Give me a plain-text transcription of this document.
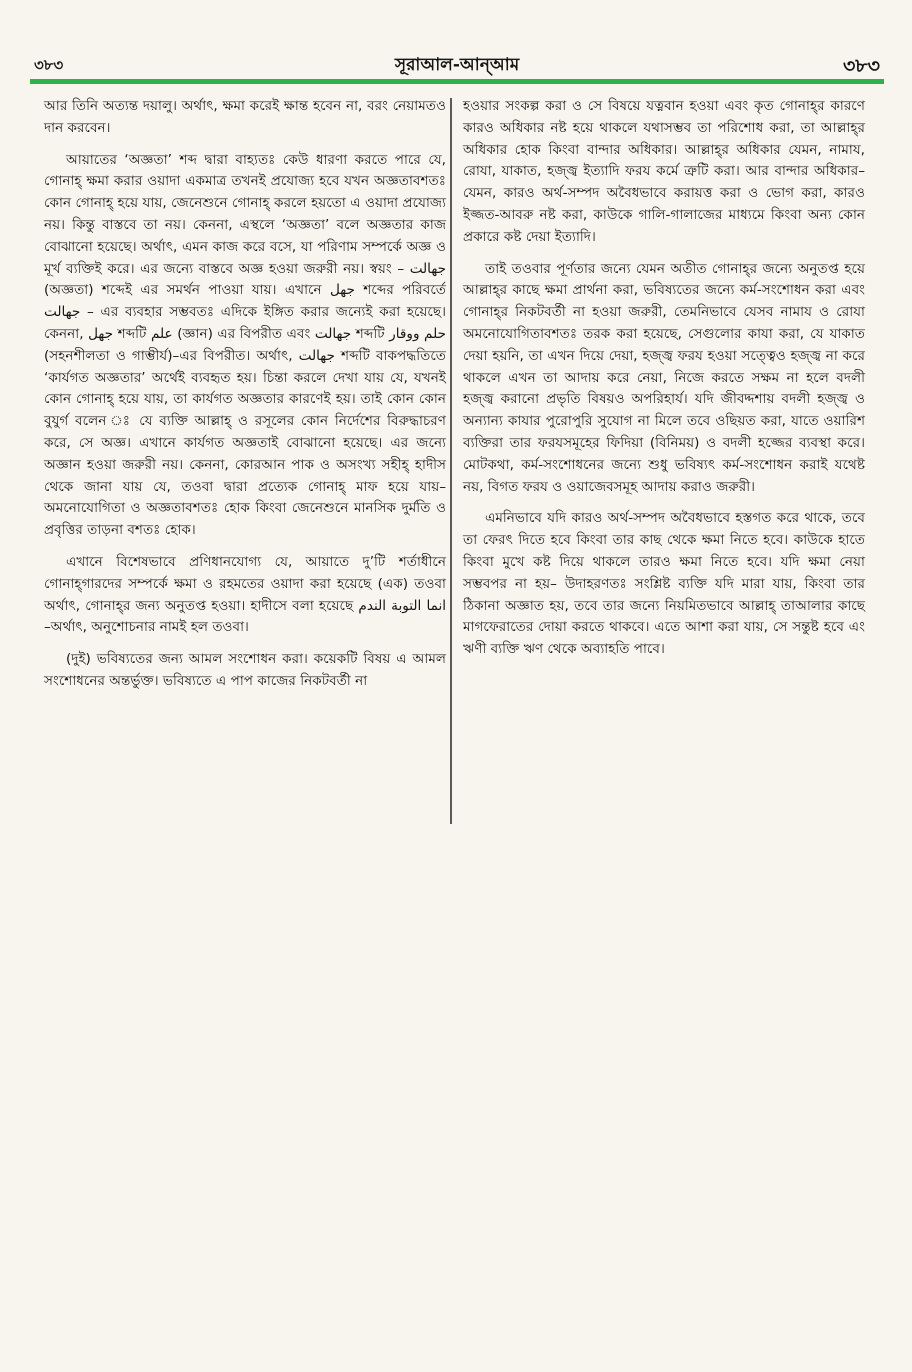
৩৮৩	সূরাআল-আন্‌আম	৩৮৩

আর তিনি অত্যন্ত দয়ালু। অর্থাৎ, ক্ষমা করেই ক্ষান্ত হবেন না, বরং নেয়ামতও দান করবেন।

আয়াতের ‘অজ্ঞতা’ শব্দ দ্বারা বাহ্যতঃ কেউ ধারণা করতে পারে যে, গোনাহ্‌ ক্ষমা করার ওয়াদা একমাত্র তখনই প্রযোজ্য হবে যখন অজ্ঞতাবশতঃ কোন গোনাহ্‌ হয়ে যায়, জেনেশুনে গোনাহ্‌ করলে হয়তো এ ওয়াদা প্রযোজ্য নয়। কিন্তু বাস্তবে তা নয়। কেননা, এস্থলে ‘অজ্ঞতা’ বলে অজ্ঞতার কাজ বোঝানো হয়েছে। অর্থাৎ, এমন কাজ করে বসে, যা পরিণাম সম্পর্কে অজ্ঞ ও মূর্খ ব্যক্তিই করে। এর জন্যে বাস্তবে অজ্ঞ হওয়া জরুরী নয়। স্বয়ং – جهالت (অজ্ঞতা) শব্দেই এর সমর্থন পাওয়া যায়। এখানে جهل শব্দের পরিবর্তে جهالت – এর ব্যবহার সম্ভবতঃ এদিকে ইঙ্গিত করার জন্যেই করা হয়েছে। কেননা, جهل শব্দটি علم (জ্ঞান) এর বিপরীত এবং جهالت শব্দটি حلم ووقار (সহনশীলতা ও গাম্ভীর্য)–এর বিপরীত। অর্থাৎ, جهالت শব্দটি বাকপদ্ধতিতে ‘কার্যগত অজ্ঞতার’ অর্থেই ব্যবহৃত হয়। চিন্তা করলে দেখা যায় যে, যখনই কোন গোনাহ্‌ হয়ে যায়, তা কার্যগত অজ্ঞতার কারণেই হয়। তাই কোন কোন বুযুর্গ বলেন ঃ যে ব্যক্তি আল্লাহ্‌ ও রসূলের কোন নির্দেশের বিরুদ্ধাচরণ করে, সে অজ্ঞ। এখানে কার্যগত অজ্ঞতাই বোঝানো হয়েছে। এর জন্যে অজ্ঞান হওয়া জরুরী নয়। কেননা, কোরআন পাক ও অসংখ্য সহীহ্‌ হাদীস থেকে জানা যায় যে, তওবা দ্বারা প্রত্যেক গোনাহ্‌ মাফ হয়ে যায়– অমনোযোগিতা ও অজ্ঞতাবশতঃ হোক কিংবা জেনেশুনে মানসিক দুর্মতি ও প্রবৃত্তির তাড়না বশতঃ হোক।

এখানে বিশেষভাবে প্রণিধানযোগ্য যে, আয়াতে দু’টি শর্তাধীনে গোনাহ্‌গারদের সম্পর্কে ক্ষমা ও রহমতের ওয়াদা করা হয়েছে (এক) তওবা অর্থাৎ, গোনাহ্‌র জন্য অনুতপ্ত হওয়া। হাদীসে বলা হয়েছে انما التوبة الندم –অর্থাৎ, অনুশোচনার নামই হল তওবা।

(দুই) ভবিষ্যতের জন্য আমল সংশোধন করা। কয়েকটি বিষয় এ আমল সংশোধনের অন্তর্ভুক্ত। ভবিষ্যতে এ পাপ কাজের নিকটবর্তী না

হওয়ার সংকল্প করা ও সে বিষয়ে যত্নবান হওয়া এবং কৃত গোনাহ্‌র কারণে কারও অধিকার নষ্ট হয়ে থাকলে যথাসম্ভব তা পরিশোধ করা, তা আল্লাহ্‌র অধিকার হোক কিংবা বান্দার অধিকার। আল্লাহ্‌র অধিকার যেমন, নামায, রোযা, যাকাত, হজ্জ্ব ইত্যাদি ফরয কর্মে ত্রুটি করা। আর বান্দার অধিকার– যেমন, কারও অর্থ-সম্পদ অবৈধভাবে করায়ত্ত করা ও ভোগ করা, কারও ইজ্জত-আবরু নষ্ট করা, কাউকে গালি-গালাজের মাধ্যমে কিংবা অন্য কোন প্রকারে কষ্ট দেয়া ইত্যাদি।

তাই তওবার পূর্ণতার জন্যে যেমন অতীত গোনাহ্‌র জন্যে অনুতপ্ত হয়ে আল্লাহ্‌র কাছে ক্ষমা প্রার্থনা করা, ভবিষ্যতের জন্যে কর্ম-সংশোধন করা এবং গোনাহ্‌র নিকটবর্তী না হওয়া জরুরী, তেমনিভাবে যেসব নামায ও রোযা অমনোযোগিতাবশতঃ তরক করা হয়েছে, সেগুলোর কাযা করা, যে যাকাত দেয়া হয়নি, তা এখন দিয়ে দেয়া, হজ্জ্ব ফরয হওয়া সত্ত্বেও হজ্জ্ব না করে থাকলে এখন তা আদায় করে নেয়া, নিজে করতে সক্ষম না হলে বদলী হজ্জ্ব করানো প্রভৃতি বিষয়ও অপরিহার্য। যদি জীবদ্দশায় বদলী হজ্জ্ব ও অন্যান্য কাযার পুরোপুরি সুযোগ না মিলে তবে ওছিয়ত করা, যাতে ওয়ারিশ ব্যক্তিরা তার ফরযসমূহের ফিদিয়া (বিনিময়) ও বদলী হজ্জের ব্যবস্থা করে। মোটকথা, কর্ম-সংশোধনের জন্যে শুধু ভবিষ্যৎ কর্ম-সংশোধন করাই যথেষ্ট নয়, বিগত ফরয ও ওয়াজেবসমূহ আদায় করাও জরুরী।

এমনিভাবে যদি কারও অর্থ-সম্পদ অবৈধভাবে হস্তগত করে থাকে, তবে তা ফেরৎ দিতে হবে কিংবা তার কাছ থেকে ক্ষমা নিতে হবে। কাউকে হাতে কিংবা মুখে কষ্ট দিয়ে থাকলে তারও ক্ষমা নিতে হবে। যদি ক্ষমা নেয়া সম্ভবপর না হয়– উদাহরণতঃ সংশ্লিষ্ট ব্যক্তি যদি মারা যায়, কিংবা তার ঠিকানা অজ্ঞাত হয়, তবে তার জন্যে নিয়মিতভাবে আল্লাহ্‌ তাআলার কাছে মাগফেরাতের দোয়া করতে থাকবে। এতে আশা করা যায়, সে সন্তুষ্ট হবে এং ঋণী ব্যক্তি ঋণ থেকে অব্যাহতি পাবে।
